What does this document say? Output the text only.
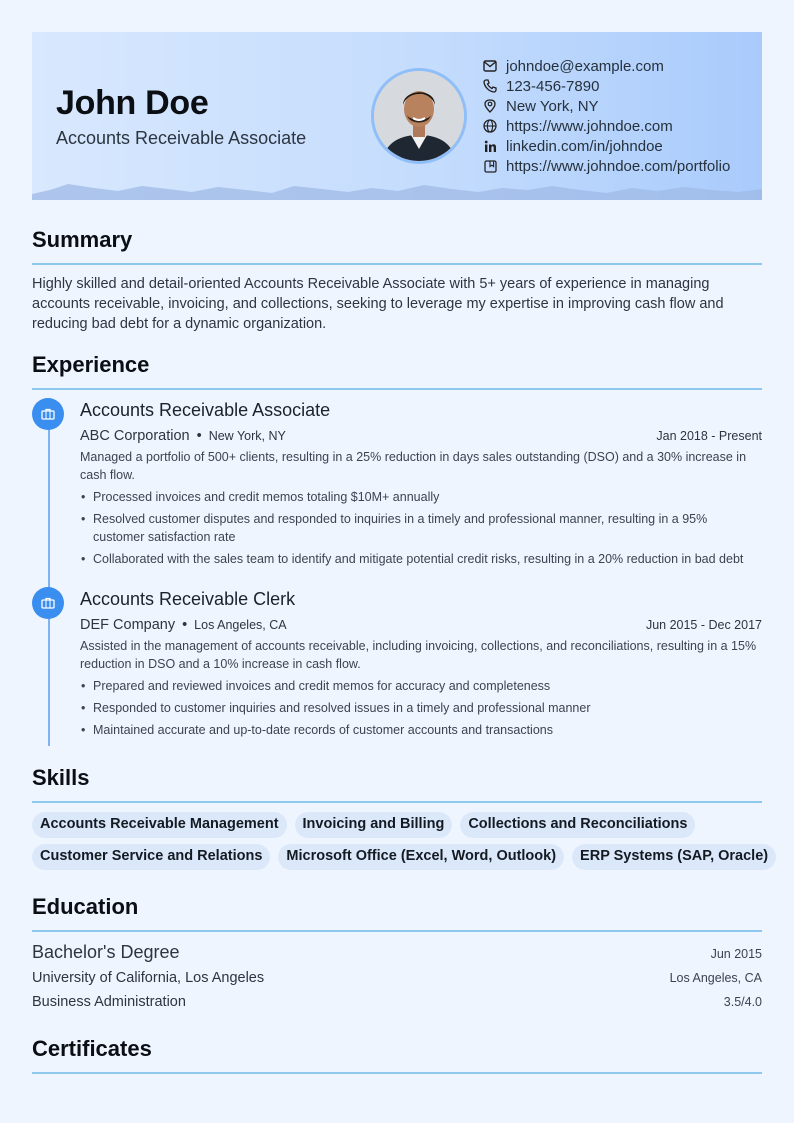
John Doe
Accounts Receivable Associate
johndoe@example.com
123-456-7890
New York, NY
https://www.johndoe.com
linkedin.com/in/johndoe
https://www.johndoe.com/portfolio
Summary
Highly skilled and detail-oriented Accounts Receivable Associate with 5+ years of experience in managing accounts receivable, invoicing, and collections, seeking to leverage my expertise in improving cash flow and reducing bad debt for a dynamic organization.
Experience
Accounts Receivable Associate
ABC Corporation • New York, NY	Jan 2018 - Present
Managed a portfolio of 500+ clients, resulting in a 25% reduction in days sales outstanding (DSO) and a 30% increase in cash flow.
• Processed invoices and credit memos totaling $10M+ annually
• Resolved customer disputes and responded to inquiries in a timely and professional manner, resulting in a 95% customer satisfaction rate
• Collaborated with the sales team to identify and mitigate potential credit risks, resulting in a 20% reduction in bad debt
Accounts Receivable Clerk
DEF Company • Los Angeles, CA	Jun 2015 - Dec 2017
Assisted in the management of accounts receivable, including invoicing, collections, and reconciliations, resulting in a 15% reduction in DSO and a 10% increase in cash flow.
• Prepared and reviewed invoices and credit memos for accuracy and completeness
• Responded to customer inquiries and resolved issues in a timely and professional manner
• Maintained accurate and up-to-date records of customer accounts and transactions
Skills
Accounts Receivable Management	Invoicing and Billing	Collections and Reconciliations
Customer Service and Relations	Microsoft Office (Excel, Word, Outlook)	ERP Systems (SAP, Oracle)
Education
Bachelor's Degree	Jun 2015
University of California, Los Angeles	Los Angeles, CA
Business Administration	3.5/4.0
Certificates
